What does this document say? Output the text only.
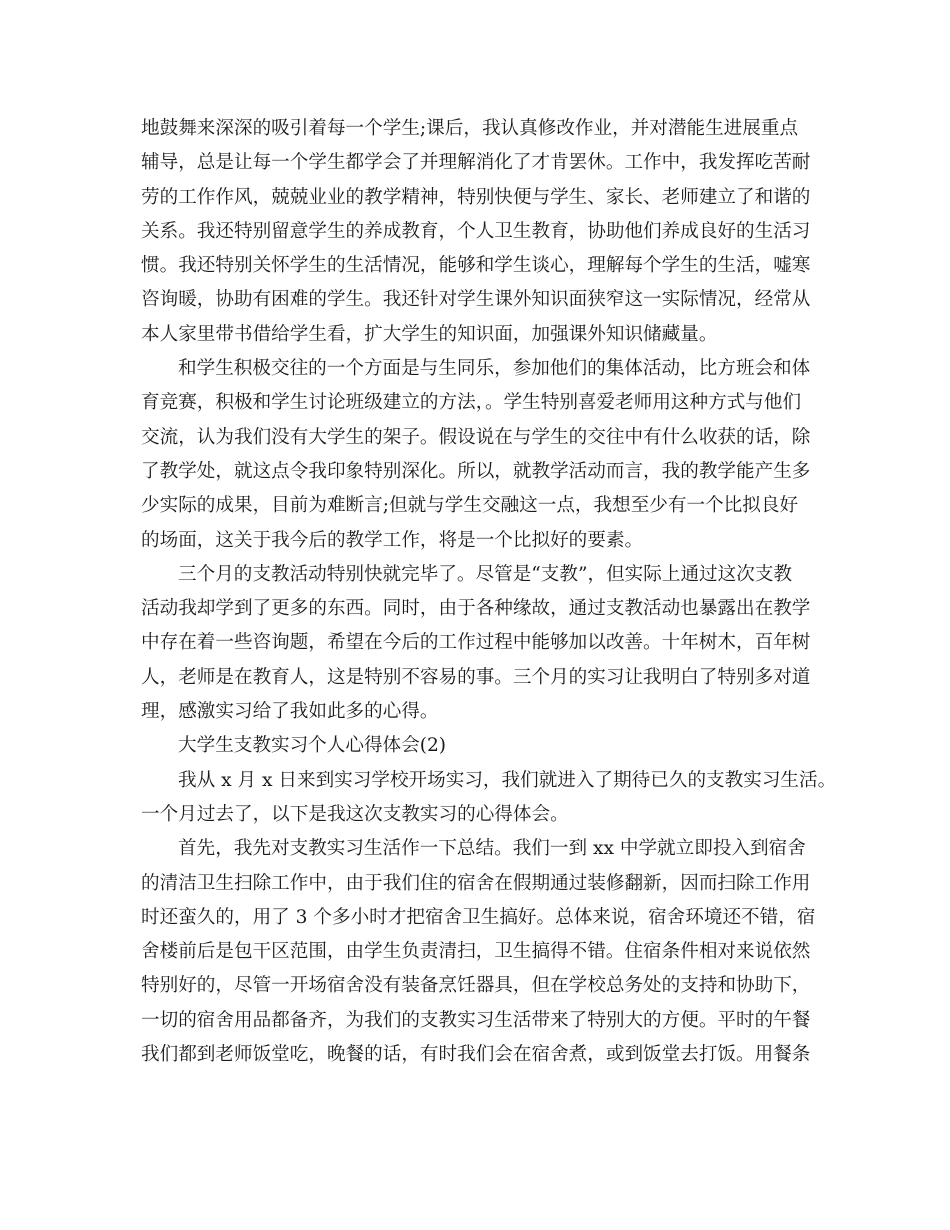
地鼓舞来深深的吸引着每一个学生;课后，我认真修改作业，并对潜能生进展重点
辅导，总是让每一个学生都学会了并理解消化了才肯罢休。工作中，我发挥吃苦耐
劳的工作作风，兢兢业业的教学精神，特别快便与学生、家长、老师建立了和谐的
关系。我还特别留意学生的养成教育，个人卫生教育，协助他们养成良好的生活习
惯。我还特别关怀学生的生活情况，能够和学生谈心，理解每个学生的生活，嘘寒
咨询暖，协助有困难的学生。我还针对学生课外知识面狭窄这一实际情况，经常从
本人家里带书借给学生看，扩大学生的知识面，加强课外知识储藏量。
和学生积极交往的一个方面是与生同乐，参加他们的集体活动，比方班会和体
育竞赛，积极和学生讨论班级建立的方法，。学生特别喜爱老师用这种方式与他们
交流，认为我们没有大学生的架子。假设说在与学生的交往中有什么收获的话，除
了教学处，就这点令我印象特别深化。所以，就教学活动而言，我的教学能产生多
少实际的成果，目前为难断言;但就与学生交融这一点，我想至少有一个比拟良好
的场面，这关于我今后的教学工作，将是一个比拟好的要素。
三个月的支教活动特别快就完毕了。尽管是“支教”，但实际上通过这次支教
活动我却学到了更多的东西。同时，由于各种缘故，通过支教活动也暴露出在教学
中存在着一些咨询题，希望在今后的工作过程中能够加以改善。十年树木，百年树
人，老师是在教育人，这是特别不容易的事。三个月的实习让我明白了特别多对道
理，感激实习给了我如此多的心得。
大学生支教实习个人心得体会(2)
我从 x 月 x 日来到实习学校开场实习，我们就进入了期待已久的支教实习生活。
一个月过去了，以下是我这次支教实习的心得体会。
首先，我先对支教实习生活作一下总结。我们一到 xx 中学就立即投入到宿舍
的清洁卫生扫除工作中，由于我们住的宿舍在假期通过装修翻新，因而扫除工作用
时还蛮久的，用了 3 个多小时才把宿舍卫生搞好。总体来说，宿舍环境还不错，宿
舍楼前后是包干区范围，由学生负责清扫，卫生搞得不错。住宿条件相对来说依然
特别好的，尽管一开场宿舍没有装备烹饪器具，但在学校总务处的支持和协助下，
一切的宿舍用品都备齐，为我们的支教实习生活带来了特别大的方便。平时的午餐
我们都到老师饭堂吃，晚餐的话，有时我们会在宿舍煮，或到饭堂去打饭。用餐条
